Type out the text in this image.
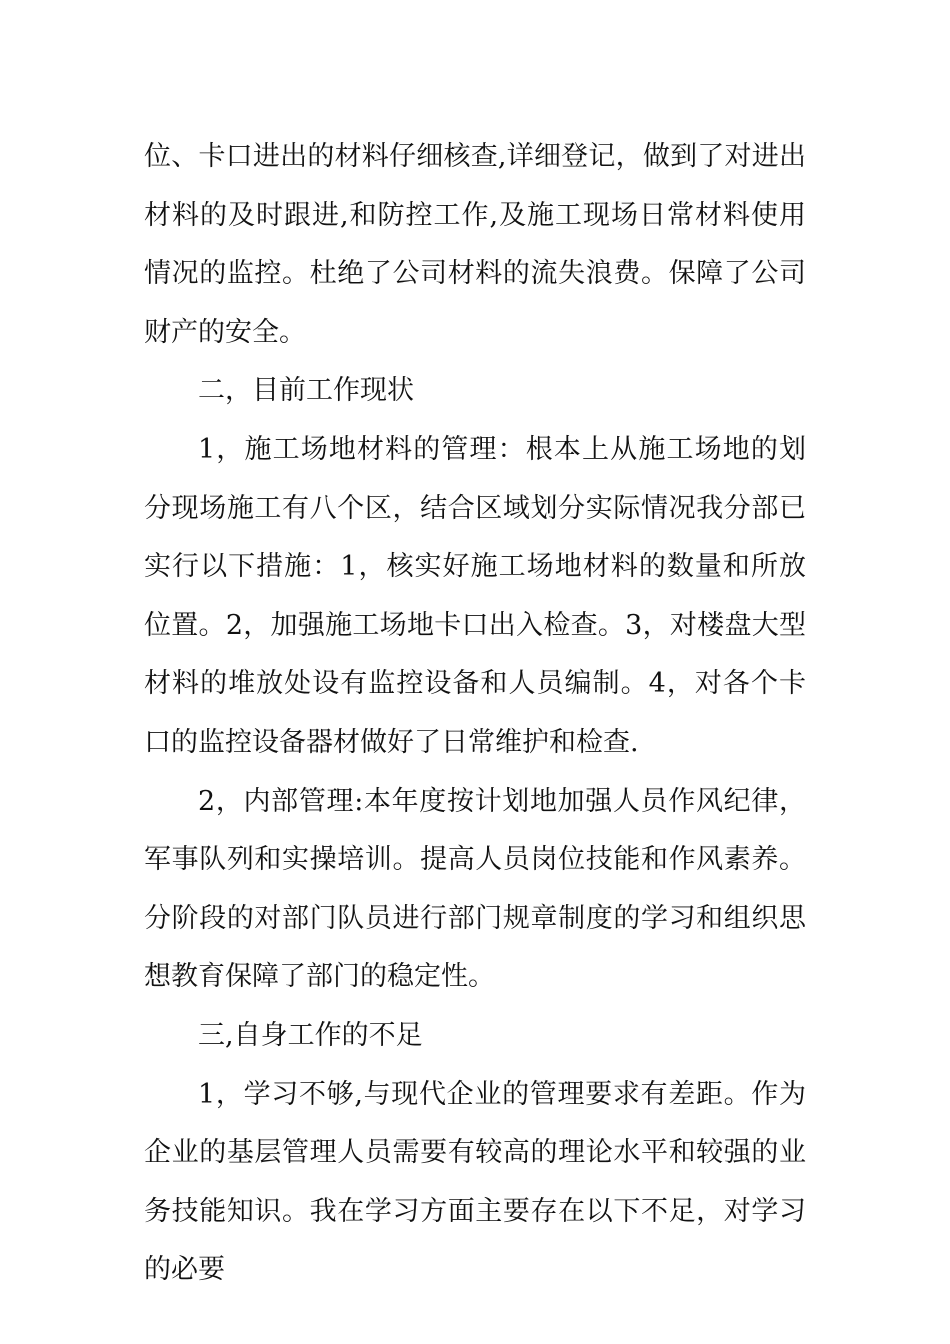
位、卡口进出的材料仔细核查,详细登记，做到了对进出材料的及时跟进,和防控工作,及施工现场日常材料使用情况的监控。杜绝了公司材料的流失浪费。保障了公司财产的安全。

二，目前工作现状

1，施工场地材料的管理：根本上从施工场地的划分现场施工有八个区，结合区域划分实际情况我分部已实行以下措施：1，核实好施工场地材料的数量和所放位置。2，加强施工场地卡口出入检查。3，对楼盘大型材料的堆放处设有监控设备和人员编制。4，对各个卡口的监控设备器材做好了日常维护和检查.

2，内部管理:本年度按计划地加强人员作风纪律，军事队列和实操培训。提高人员岗位技能和作风素养。分阶段的对部门队员进行部门规章制度的学习和组织思想教育保障了部门的稳定性。

三,自身工作的不足

1，学习不够,与现代企业的管理要求有差距。作为企业的基层管理人员需要有较高的理论水平和较强的业务技能知识。我在学习方面主要存在以下不足，对学习的必要
